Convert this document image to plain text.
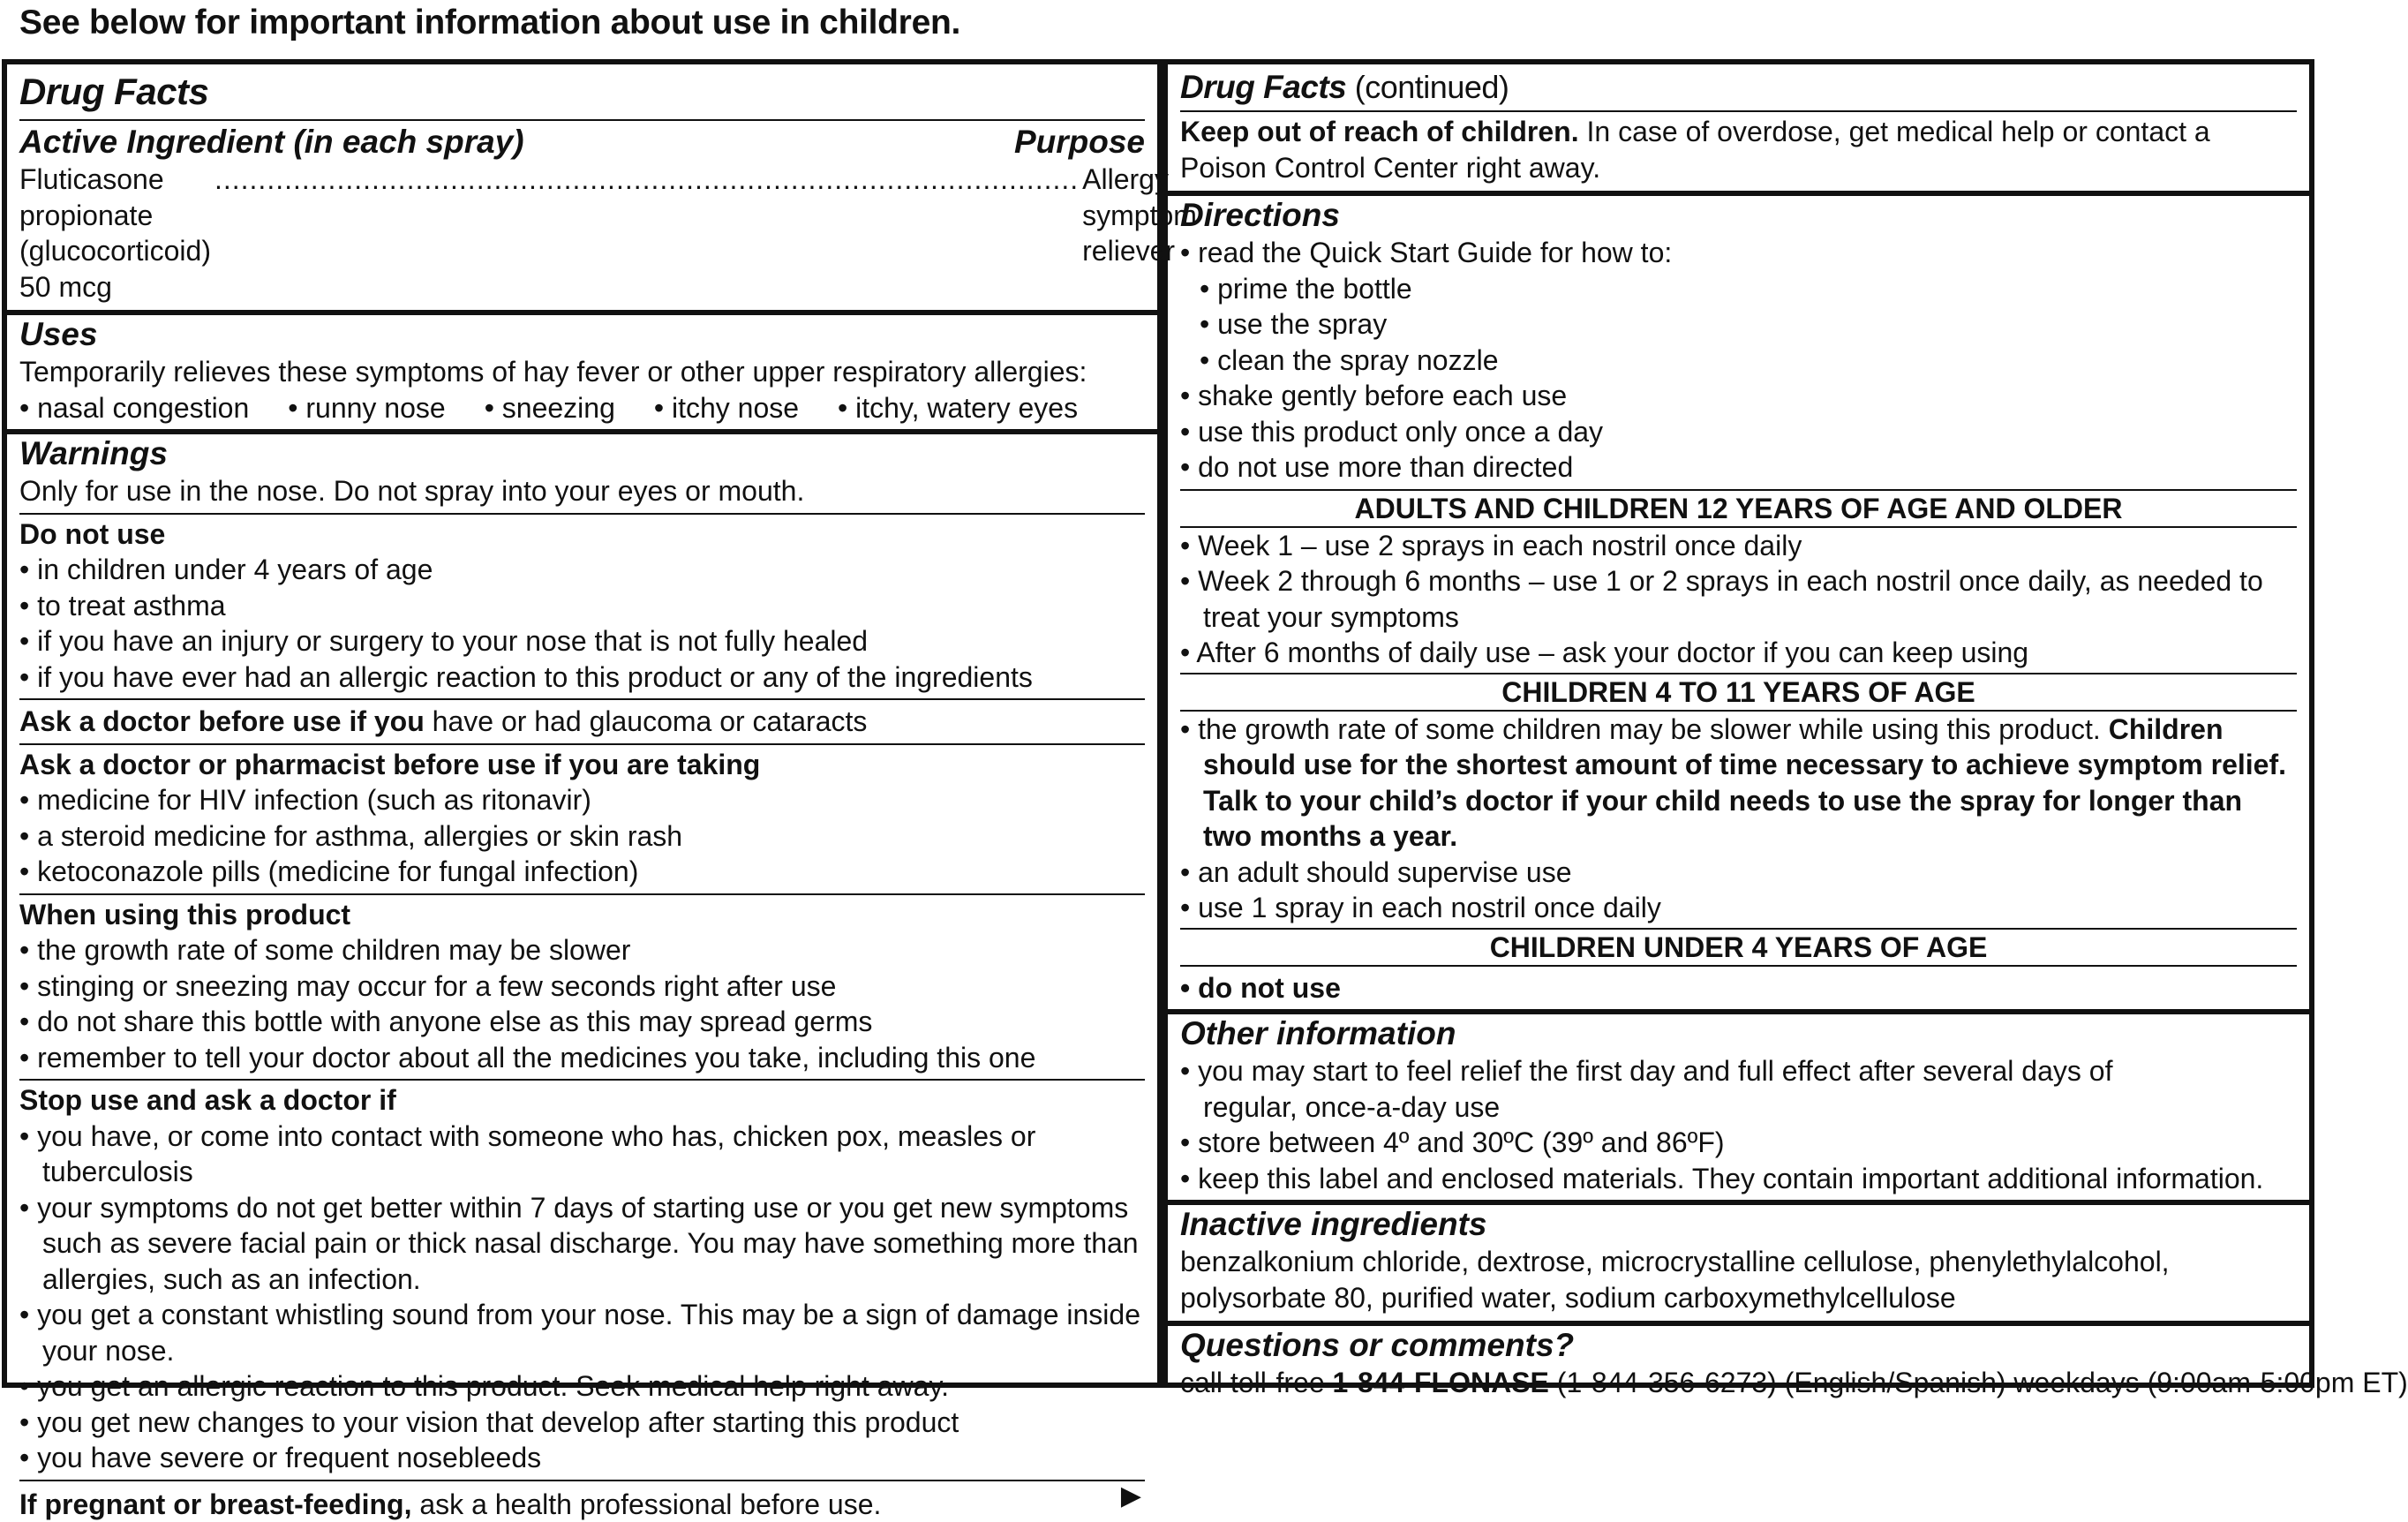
See below for important information about use in children.
Drug Facts
Active Ingredient (in each spray)	Purpose
Fluticasone propionate (glucocorticoid) 50 mcg
................................................................................................... Allergy symptom reliever
Uses
Temporarily relieves these symptoms of hay fever or other upper respiratory allergies:
• nasal congestion • runny nose • sneezing • itchy nose • itchy, watery eyes
Warnings
Only for use in the nose. Do not spray into your eyes or mouth.
Do not use
• in children under 4 years of age
• to treat asthma
• if you have an injury or surgery to your nose that is not fully healed
• if you have ever had an allergic reaction to this product or any of the ingredients
Ask a doctor before use if you have or had glaucoma or cataracts
Ask a doctor or pharmacist before use if you are taking
• medicine for HIV infection (such as ritonavir)
• a steroid medicine for asthma, allergies or skin rash
• ketoconazole pills (medicine for fungal infection)
When using this product
• the growth rate of some children may be slower
• stinging or sneezing may occur for a few seconds right after use
• do not share this bottle with anyone else as this may spread germs
• remember to tell your doctor about all the medicines you take, including this one
Stop use and ask a doctor if
• you have, or come into contact with someone who has, chicken pox, measles or tuberculosis
• your symptoms do not get better within 7 days of starting use or you get new symptoms such as severe facial pain or thick nasal discharge. You may have something more than allergies, such as an infection.
• you get a constant whistling sound from your nose. This may be a sign of damage inside your nose.
• you get an allergic reaction to this product. Seek medical help right away.
• you get new changes to your vision that develop after starting this product
• you have severe or frequent nosebleeds
If pregnant or breast-feeding, ask a health professional before use.	▶
Drug Facts (continued)
Keep out of reach of children. In case of overdose, get medical help or contact a Poison Control Center right away.
Directions
• read the Quick Start Guide for how to:
• prime the bottle
• use the spray
• clean the spray nozzle
• shake gently before each use
• use this product only once a day
• do not use more than directed
ADULTS AND CHILDREN 12 YEARS OF AGE AND OLDER
• Week 1 – use 2 sprays in each nostril once daily
• Week 2 through 6 months – use 1 or 2 sprays in each nostril once daily, as needed to treat your symptoms
• After 6 months of daily use – ask your doctor if you can keep using
CHILDREN 4 TO 11 YEARS OF AGE
• the growth rate of some children may be slower while using this product. Children should use for the shortest amount of time necessary to achieve symptom relief. Talk to your child’s doctor if your child needs to use the spray for longer than two months a year.
• an adult should supervise use
• use 1 spray in each nostril once daily
CHILDREN UNDER 4 YEARS OF AGE
• do not use
Other information
• you may start to feel relief the first day and full effect after several days of regular, once-a-day use
• store between 4º and 30ºC (39º and 86ºF)
• keep this label and enclosed materials. They contain important additional information.
Inactive ingredients
benzalkonium chloride, dextrose, microcrystalline cellulose, phenylethylalcohol, polysorbate 80, purified water, sodium carboxymethylcellulose
Questions or comments?
call toll-free 1-844-FLONASE (1-844-356-6273) (English/Spanish) weekdays (9:00am-5:00pm ET)
